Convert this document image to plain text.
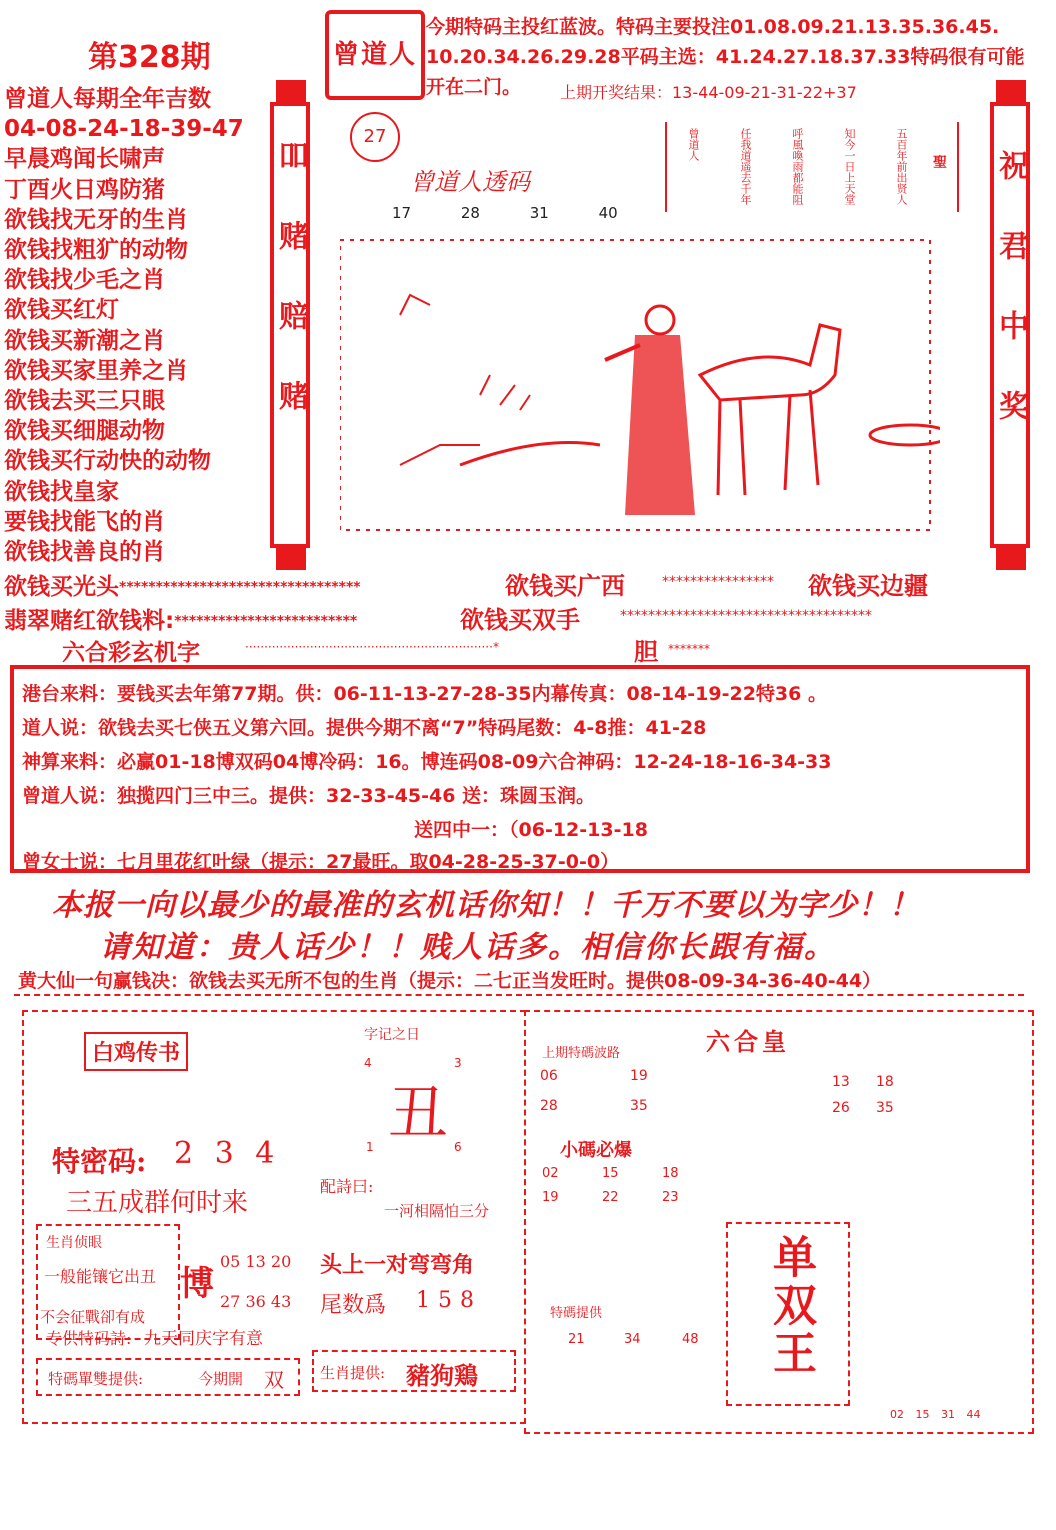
第328期	曾道人
今期特码主投红蓝波。特码主要投注01.08.09.21.13.35.36.45.
10.20.34.26.29.28平码主选：41.24.27.18.37.33特码很有可能
开在二门。 上期开奖结果：13-44-09-21-31-22+37
曾道人每期全年吉数
04-08-24-18-39-47
早晨鸡闻长啸声
丁酉火日鸡防猪
欲钱找无牙的生肖
欲钱找粗犷的动物
欲钱找少毛之肖
欲钱买红灯
欲钱买新潮之肖
欲钱买家里养之肖
欲钱去买三只眼
欲钱买细腿动物
欲钱买行动快的动物
欲钱找皇家
要钱找能飞的肖
欲钱找善良的肖
吅赌赔赌	祝君中奖
27
曾道人透码
17	28	31	40
五百年前出贤人
知今一日上天堂
呼風喚雨都能阻
任我道遥去千年
曾道人
聖
欲钱买光头*********************************	欲钱买广西	**************** 欲钱买边疆
翡翠赌红欲钱料:*************************	欲钱买双手	************************************
六合彩玄机字	·································································*	胆 *******
港台来料：要钱买去年第77期。供：06-11-13-27-28-35内幕传真：08-14-19-22特36 。
道人说：欲钱去买七侠五义第六回。提供今期不离“7”特码尾数：4-8推：41-28
神算来料：必赢01-18博双码04博冷码：16。博连码08-09六合神码：12-24-18-16-34-33
曾道人说：独揽四门三中三。提供：32-33-45-46 送：珠圆玉润。
送四中一：（06-12-13-18
曾女士说：七月里花红叶绿（提示：27最旺。取04-28-25-37-0-0）
本报一向以最少的最准的玄机话你知！！千万不要以为字少！！
请知道：贵人话少！！贱人话多。相信你长跟有福。
黄大仙一句赢钱决：欲钱去买无所不包的生肖（提示：二七正当发旺时。提供08-09-34-36-40-44）
白鸡传书
特密码: 2 3 4
三五成群何时来
生肖侦眼
一般能镶它出丑
不会征戰卻有成
博
05 13 20
27 36 43
专供特码詩: 九天同庆字有意
特碼單雙提供:	今期開 双
字记之日
4	3
丑
1	6
配詩曰:
一河相隔怕三分
头上一对弯弯角
尾数爲 158
生肖提供: 豬狗鶏
六合皇
上期特碼波路
06	19
28	35
13 18
26 35
小碼必爆
02	15	18
19	22	23
单双王
特碼提供
21	34	48
02 15 31 44
